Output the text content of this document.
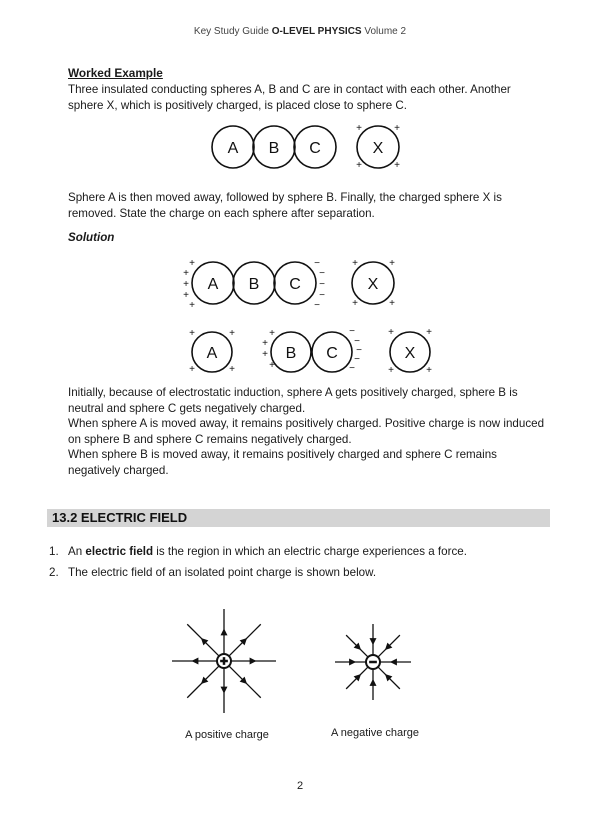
Key Study Guide O-LEVEL PHYSICS Volume 2
Worked Example
Three insulated conducting spheres A, B and C are in contact with each other. Another sphere X, which is positively charged, is placed close to sphere C.
A B C	X
+	+
+	+
Sphere A is then moved away, followed by sphere B. Finally, the charged sphere X is removed. State the charge on each sphere after separation.
Solution
A B C	X
+
+
+
+
+
−
−
−
−
−
+	+
+	+
A	B C	X
+	+
+	+
+
+
+
+
−
−
−
−
−
+	+
+	+
Initially, because of electrostatic induction, sphere A gets positively charged, sphere B is neutral and sphere C gets negatively charged.
When sphere A is moved away, it remains positively charged. Positive charge is now induced on sphere B and sphere C remains negatively charged.
When sphere B is moved away, it remains positively charged and sphere C remains negatively charged.
13.2 ELECTRIC FIELD
1. An electric field is the region in which an electric charge experiences a force.
2. The electric field of an isolated point charge is shown below.
A positive charge	A negative charge
2
